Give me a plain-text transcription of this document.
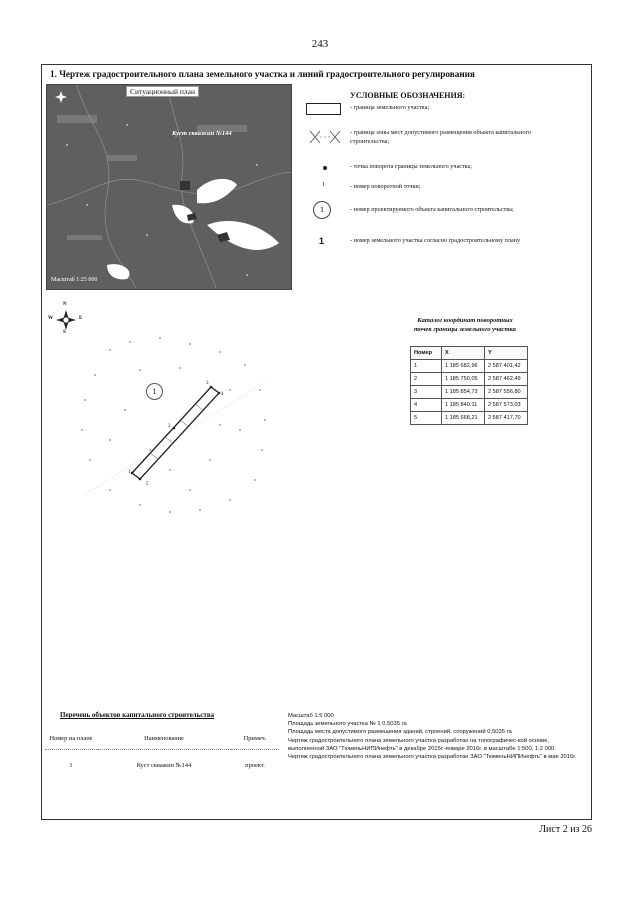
243
1. Чертеж градостроительного плана земельного участка и линий градостроительного регулирования
Ситуационный план
Куст скважин №144
Масштаб 1:25 000
УСЛОВНЫЕ ОБОЗНАЧЕНИЯ:
- граница земельного участка;
- граница зоны мест допустимого размещения объекта капитального строительства;
- точка поворота границы земельного участка;
1	- номер поворотной точки;
1	- номер проектируемого объекта капитального строительства;
1	- номер земельного участка согласно градостроительному плану
N
S
W	E
1
1
2
3
4
5
Каталог координат поворотных
точек границы земельного участка
Номер	X	Y
1	1 185 682,96	2 587 401,42
2	1 185 750,05	2 587 462,49
3	1 185 854,73	2 587 556,80
4	1 185 840,11	2 587 573,03
5	1 185 668,21	2 587 417,70
Перечень объектов капитального строительства
Номер на плане	Наименование	Примеч.
1	Куст скважин №144	проект.
Масштаб 1:5 000
Площадь земельного участка № 1 0,5035 га
Площадь места допустимого размещения зданий, строений, сооружений 0,5035 га
Чертеж градостроительного плана земельного участка разработан на топографичес-кой основе, выполненной ЗАО "ТюменьНИПИнефть" в декабре 2015г.-январе 2016г. в масштабе 1:500, 1:2 000.
Чертеж градостроительного плана земельного участка разработан ЗАО "ТюменьНИПИнефть" в мае 2016г.
Лист 2 из 26
